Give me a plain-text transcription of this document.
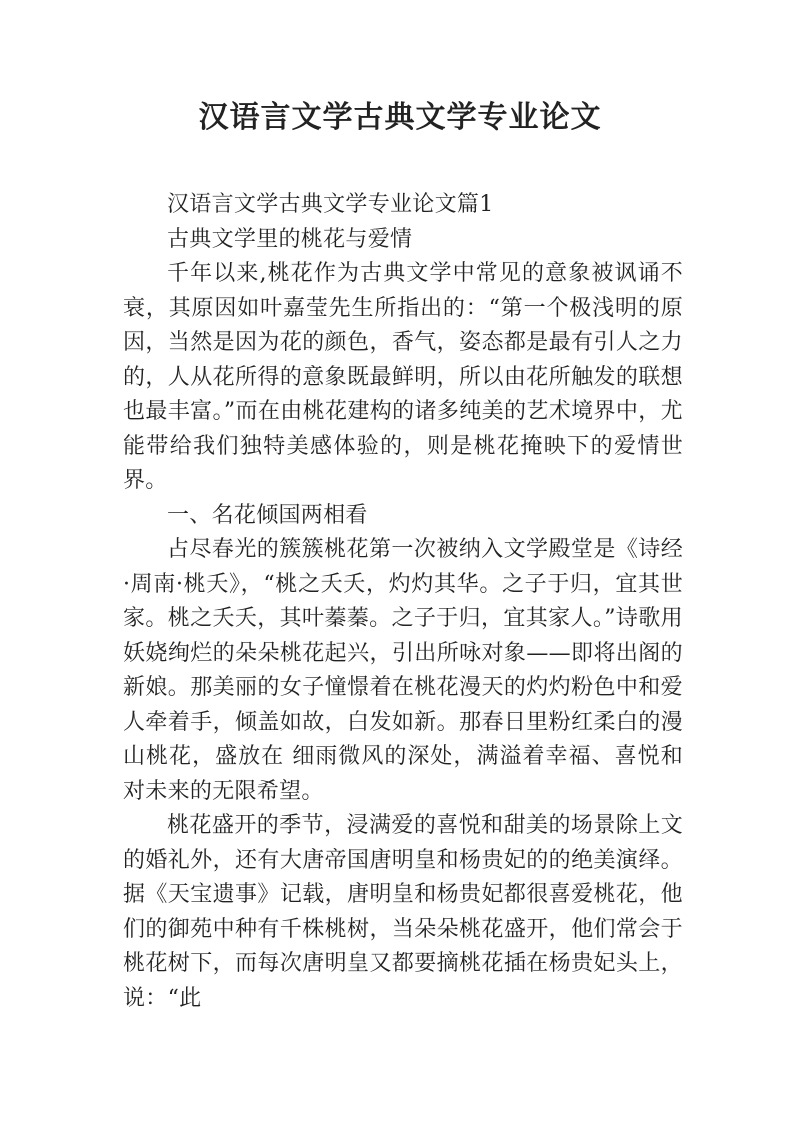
汉语言文学古典文学专业论文

汉语言文学古典文学专业论文篇1

古典文学里的桃花与爱情

千年以来,桃花作为古典文学中常见的意象被讽诵不衰，其原因如叶嘉莹先生所指出的：“第一个极浅明的原因，当然是因为花的颜色，香气，姿态都是最有引人之力的，人从花所得的意象既最鲜明，所以由花所触发的联想也最丰富。”而在由桃花建构的诸多纯美的艺术境界中，尤能带给我们独特美感体验的，则是桃花掩映下的爱情世界。

一、名花倾国两相看

占尽春光的簇簇桃花第一次被纳入文学殿堂是《诗经·周南·桃夭》，“桃之夭夭，灼灼其华。之子于归，宜其世家。桃之夭夭，其叶蓁蓁。之子于归，宜其家人。”诗歌用妖娆绚烂的朵朵桃花起兴，引出所咏对象——即将出阁的新娘。那美丽的女子憧憬着在桃花漫天的灼灼粉色中和爱人牵着手，倾盖如故，白发如新。那春日里粉红柔白的漫山桃花，盛放在 细雨微风的深处，满溢着幸福、喜悦和对未来的无限希望。

桃花盛开的季节，浸满爱的喜悦和甜美的场景除上文的婚礼外，还有大唐帝国唐明皇和杨贵妃的的绝美演绎。据《天宝遗事》记载，唐明皇和杨贵妃都很喜爱桃花，他们的御苑中种有千株桃树，当朵朵桃花盛开，他们常会于桃花树下，而每次唐明皇又都要摘桃花插在杨贵妃头上，说：“此
